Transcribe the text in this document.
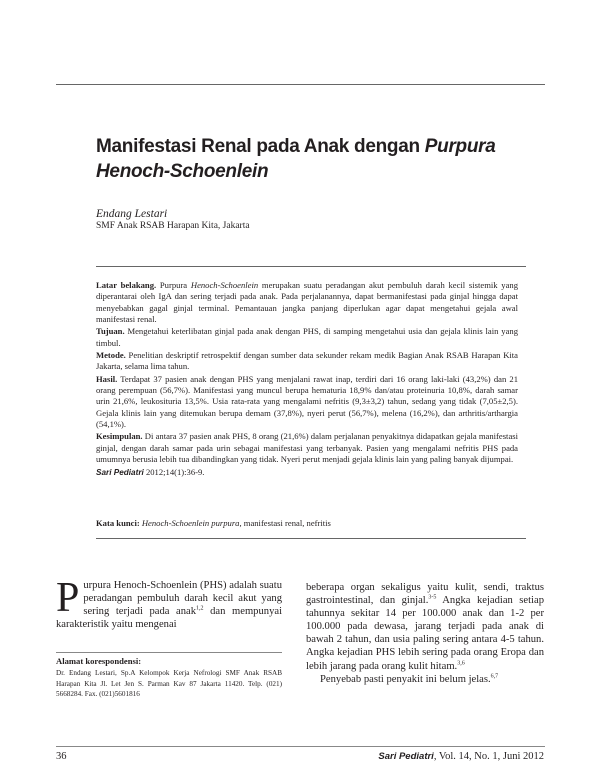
Manifestasi Renal pada Anak dengan Purpura Henoch-Schoenlein
Endang Lestari
SMF Anak RSAB Harapan Kita, Jakarta

Latar belakang. Purpura Henoch-Schoenlein merupakan suatu peradangan akut pembuluh darah kecil sistemik yang diperantarai oleh IgA dan sering terjadi pada anak. Pada perjalanannya, dapat bermanifestasi pada ginjal hingga dapat menyebabkan gagal ginjal terminal. Pemantauan jangka panjang diperlukan agar dapat mengetahui gejala awal manifestasi renal.

Tujuan. Mengetahui keterlibatan ginjal pada anak dengan PHS, di samping mengetahui usia dan gejala klinis lain yang timbul.

Metode. Penelitian deskriptif retrospektif dengan sumber data sekunder rekam medik Bagian Anak RSAB Harapan Kita Jakarta, selama lima tahun.

Hasil. Terdapat 37 pasien anak dengan PHS yang menjalani rawat inap, terdiri dari 16 orang laki-laki (43,2%) dan 21 orang perempuan (56,7%). Manifestasi yang muncul berupa hematuria 18,9% dan/atau proteinuria 10,8%, darah samar urin 21,6%, leukosituria 13,5%. Usia rata-rata yang mengalami nefritis (9,3±3,2) tahun, sedang yang tidak (7,05±2,5). Gejala klinis lain yang ditemukan berupa demam (37,8%), nyeri perut (56,7%), melena (16,2%), dan arthritis/arthargia (54,1%).

Kesimpulan. Di antara 37 pasien anak PHS, 8 orang (21,6%) dalam perjalanan penyakitnya didapatkan gejala manifestasi ginjal, dengan darah samar pada urin sebagai manifestasi yang terbanyak. Pasien yang mengalami nefritis PHS pada umumnya berusia lebih tua dibandingkan yang tidak. Nyeri perut menjadi gejala klinis lain yang paling banyak dijumpai.

Sari Pediatri 2012;14(1):36-9.

Kata kunci: Henoch-Schoenlein purpura, manifestasi renal, nefritis

Purpura Henoch-Schoenlein (PHS) adalah suatu peradangan pembuluh darah kecil akut yang sering terjadi pada anak$^{1,2}$ dan mempunyai karakteristik yaitu mengenai

Alamat korespondensi:
Dr. Endang Lestari, Sp.A Kelompok Kerja Nefrologi SMF Anak RSAB Harapan Kita Jl. Let Jen S. Parman Kav 87 Jakarta 11420. Telp. (021) 5668284. Fax. (021)5601816

beberapa organ sekaligus yaitu kulit, sendi, traktus gastrointestinal, dan ginjal.$^{3-5}$ Angka kejadian setiap tahunnya sekitar 14 per 100.000 anak dan 1-2 per 100.000 pada dewasa, jarang terjadi pada anak di bawah 2 tahun, dan usia paling sering antara 4-5 tahun. Angka kejadian PHS lebih sering pada orang Eropa dan lebih jarang pada orang kulit hitam.$^{3,6}$

Penyebab pasti penyakit ini belum jelas.$^{6,7}$

36	Sari Pediatri, Vol. 14, No. 1, Juni 2012
